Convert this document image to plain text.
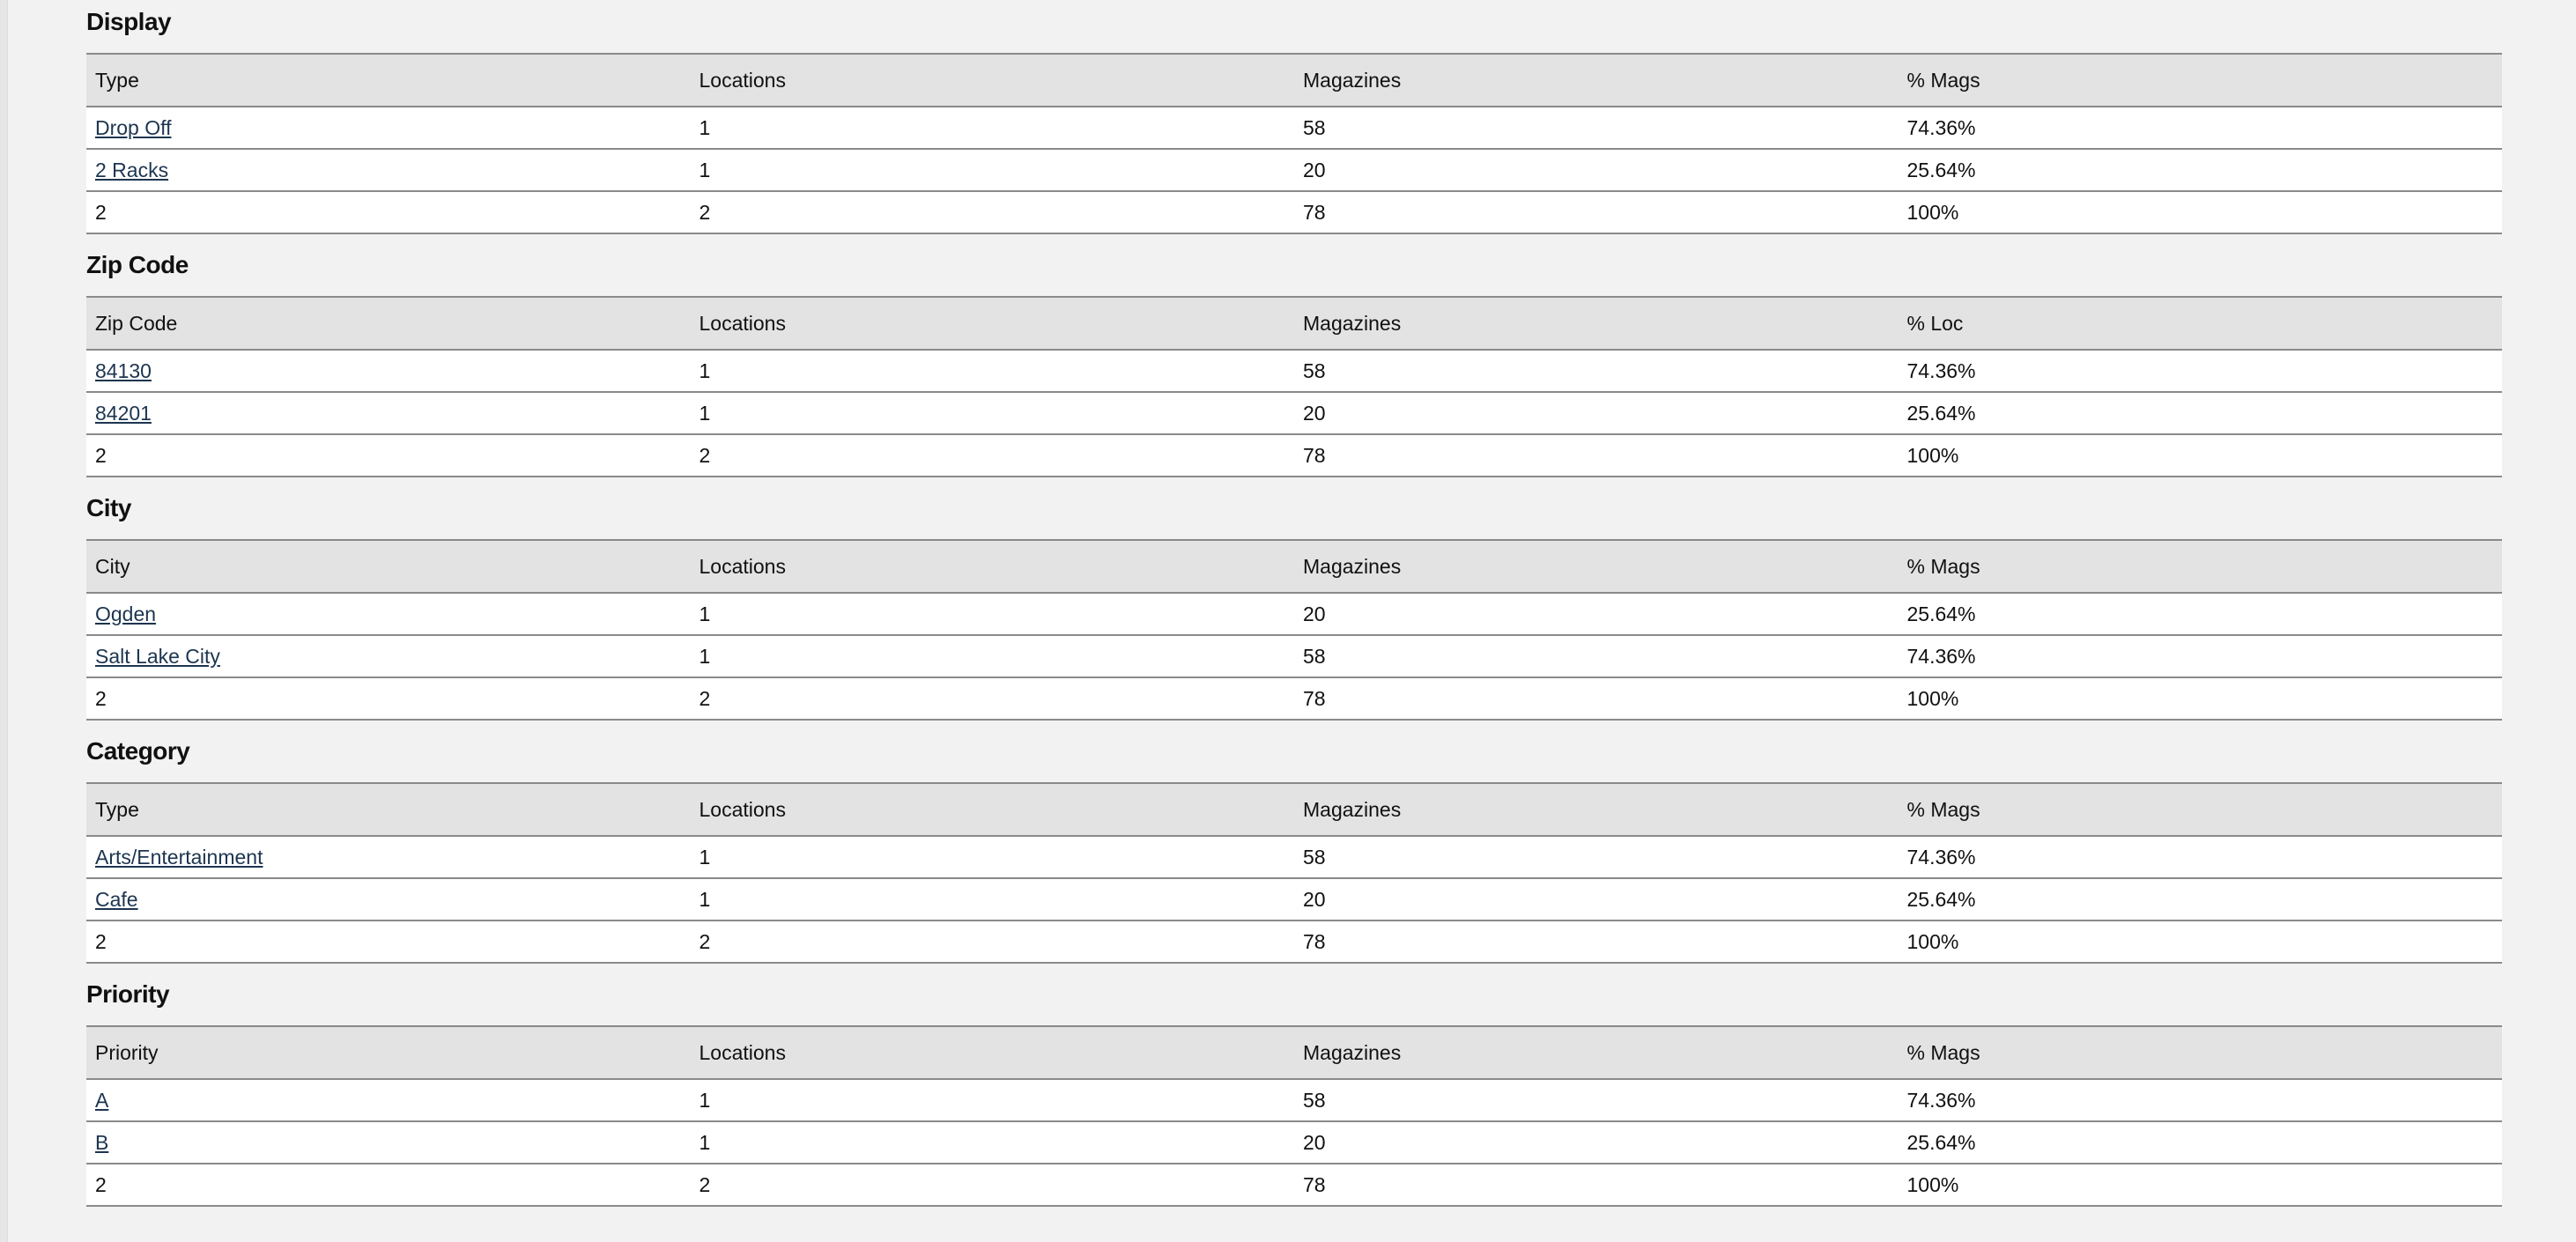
Display
Type	Locations	Magazines	% Mags
Drop Off	1	58	74.36%
2 Racks	1	20	25.64%
2	2	78	100%
Zip Code
Zip Code	Locations	Magazines	% Loc
84130	1	58	74.36%
84201	1	20	25.64%
2	2	78	100%
City
City	Locations	Magazines	% Mags
Ogden	1	20	25.64%
Salt Lake City	1	58	74.36%
2	2	78	100%
Category
Type	Locations	Magazines	% Mags
Arts/Entertainment	1	58	74.36%
Cafe	1	20	25.64%
2	2	78	100%
Priority
Priority	Locations	Magazines	% Mags
A	1	58	74.36%
B	1	20	25.64%
2	2	78	100%
